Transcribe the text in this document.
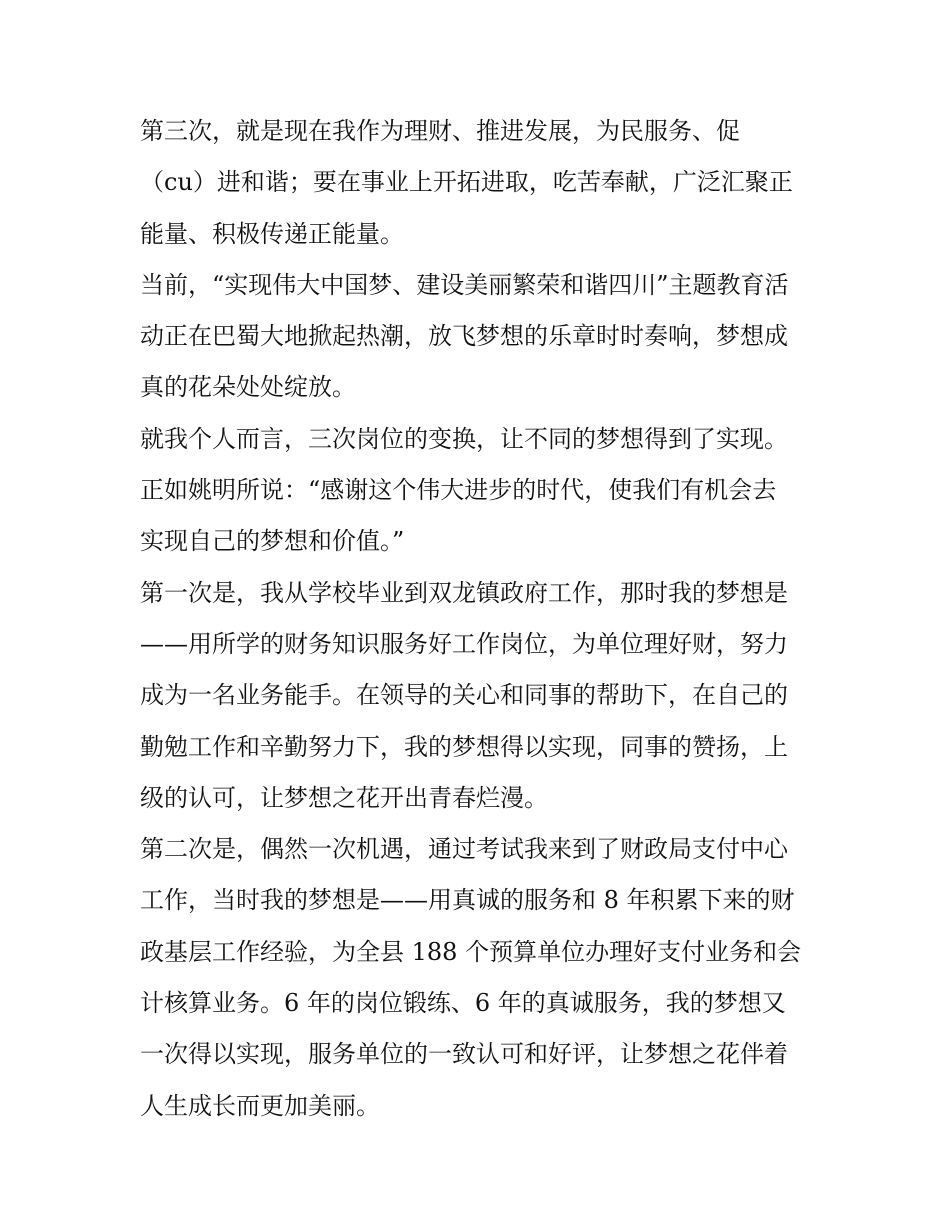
第三次，就是现在我作为理财、推进发展，为民服务、促
（cu）进和谐；要在事业上开拓进取，吃苦奉献，广泛汇聚正
能量、积极传递正能量。
当前，“实现伟大中国梦、建设美丽繁荣和谐四川”主题教育活
动正在巴蜀大地掀起热潮，放飞梦想的乐章时时奏响，梦想成
真的花朵处处绽放。
就我个人而言，三次岗位的变换，让不同的梦想得到了实现。
正如姚明所说：“感谢这个伟大进步的时代，使我们有机会去
实现自己的梦想和价值。”
第一次是，我从学校毕业到双龙镇政府工作，那时我的梦想是
——用所学的财务知识服务好工作岗位，为单位理好财，努力
成为一名业务能手。在领导的关心和同事的帮助下，在自己的
勤勉工作和辛勤努力下，我的梦想得以实现，同事的赞扬，上
级的认可，让梦想之花开出青春烂漫。
第二次是，偶然一次机遇，通过考试我来到了财政局支付中心
工作，当时我的梦想是——用真诚的服务和 8 年积累下来的财
政基层工作经验，为全县 188 个预算单位办理好支付业务和会
计核算业务。6 年的岗位锻练、6 年的真诚服务，我的梦想又
一次得以实现，服务单位的一致认可和好评，让梦想之花伴着
人生成长而更加美丽。
